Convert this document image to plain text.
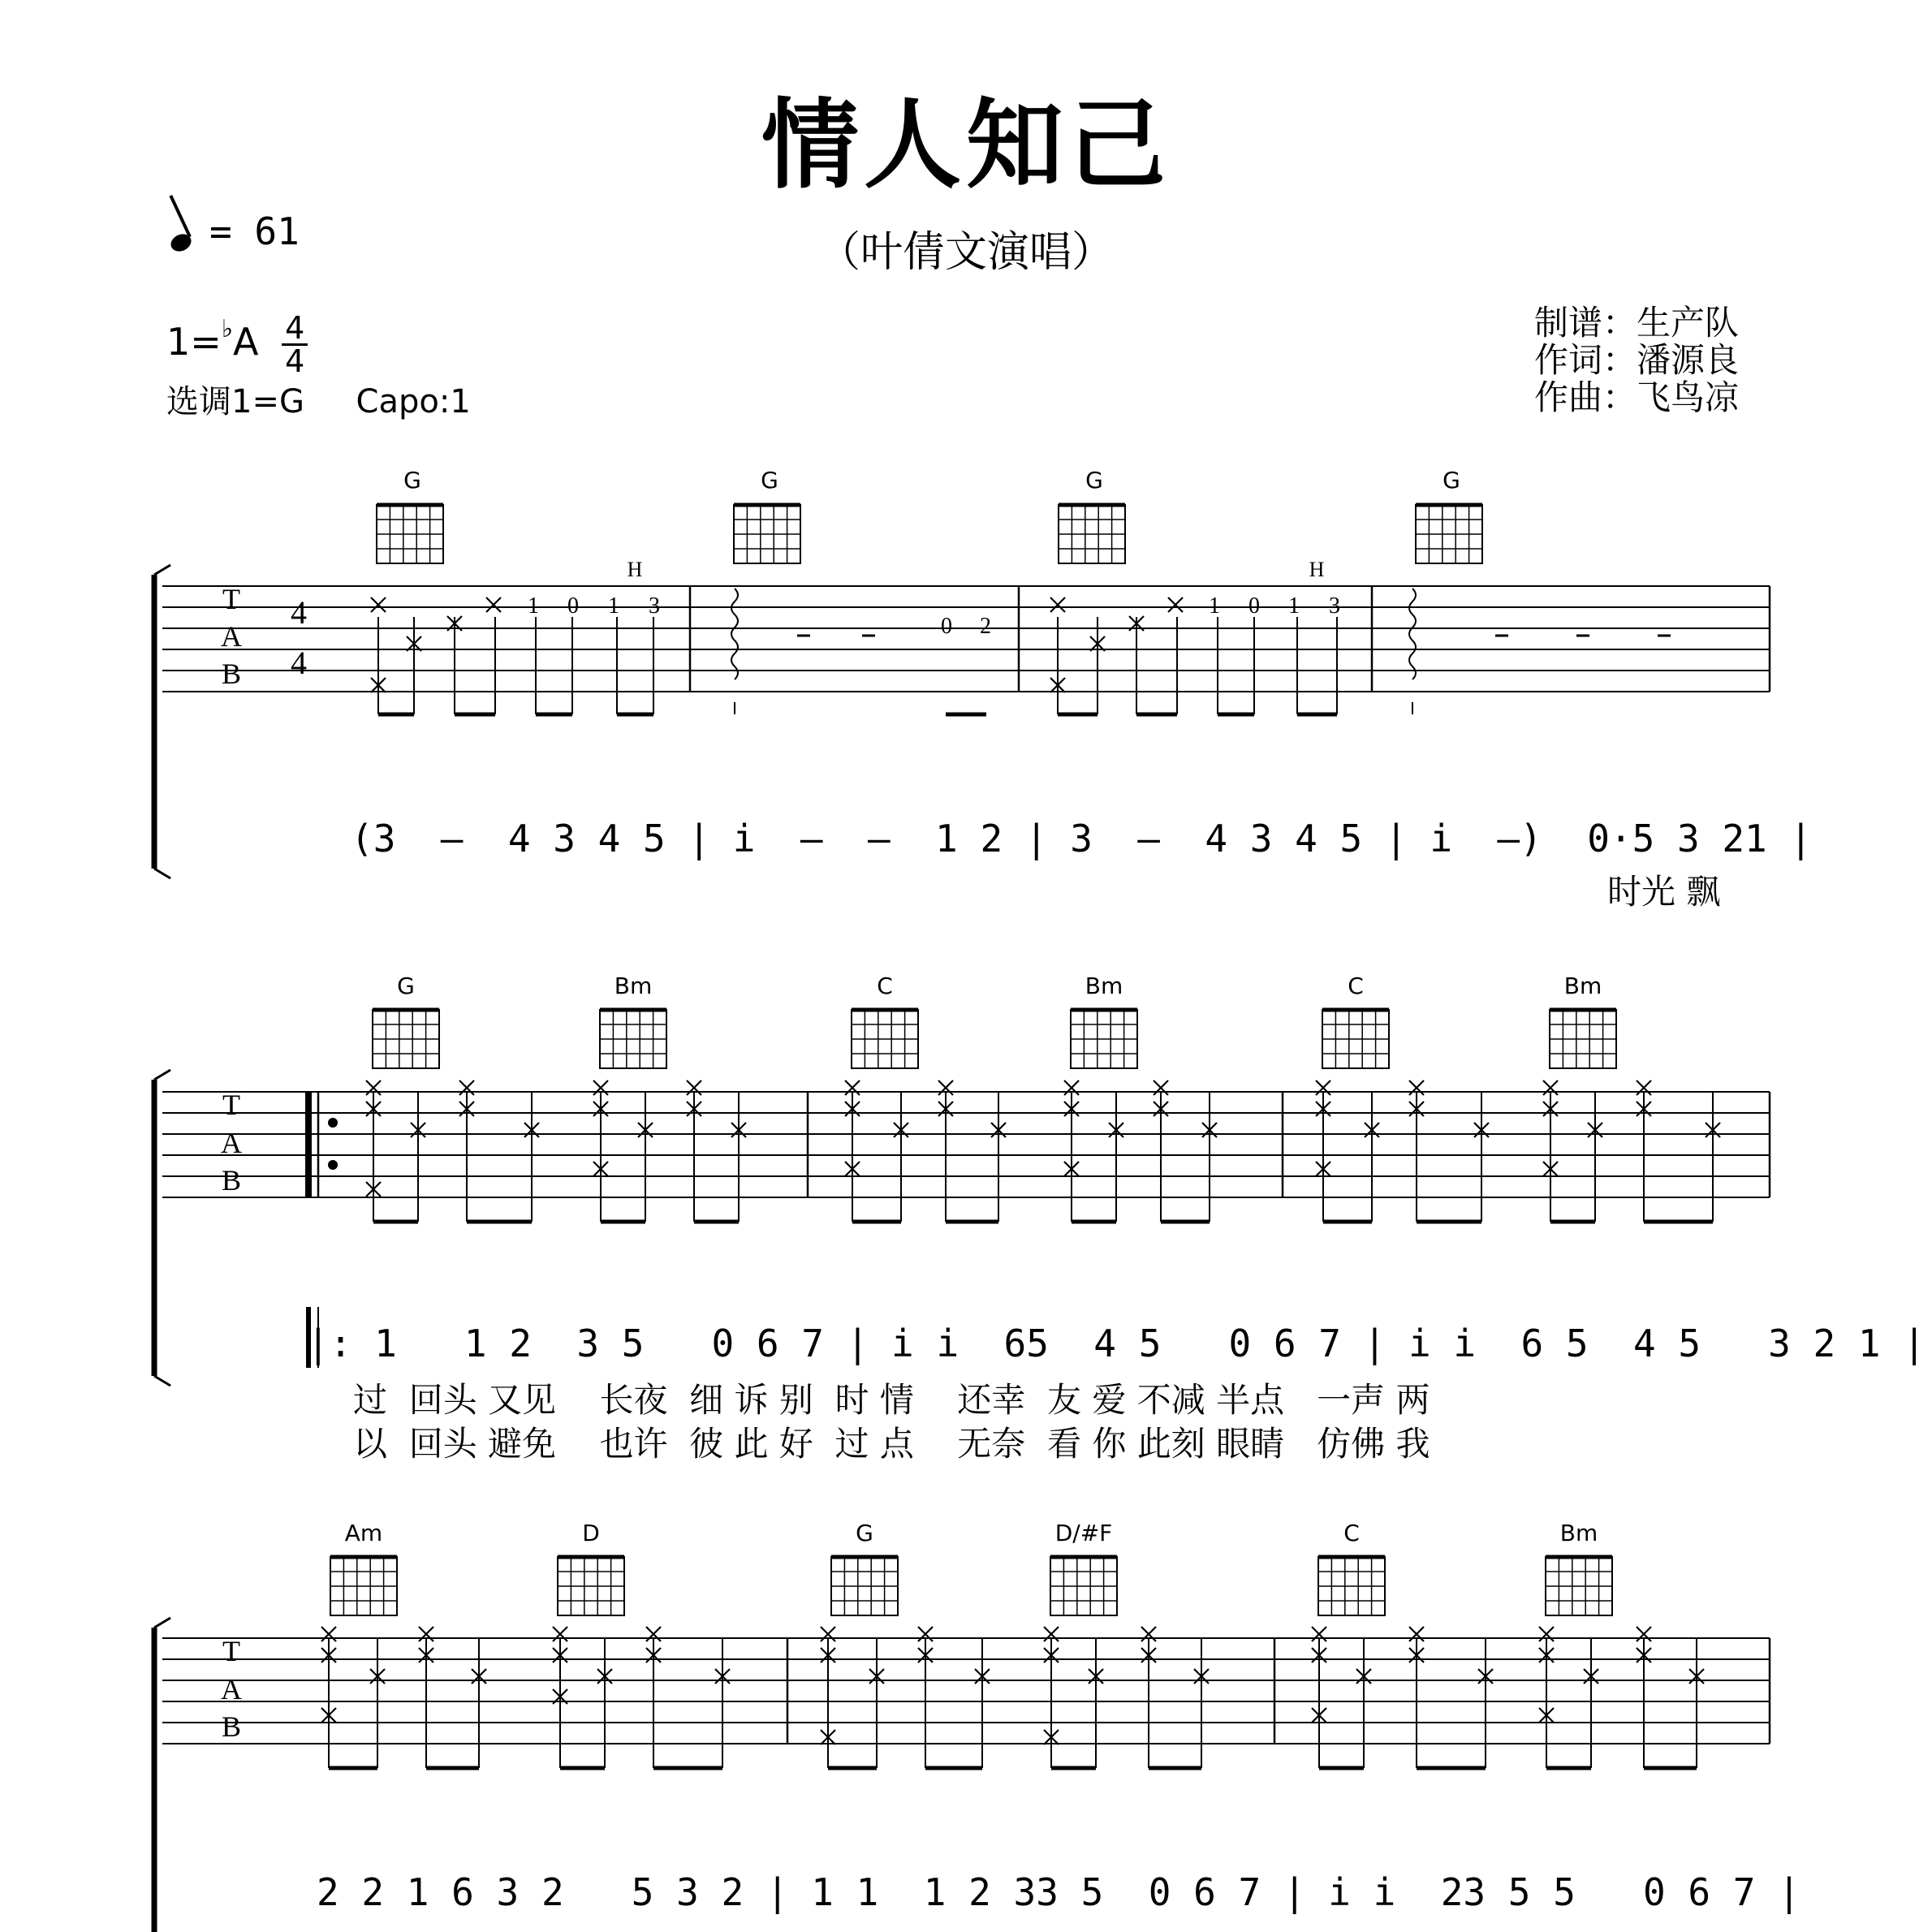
情人知己
（叶倩文演唱）
= 61
$1=^♭A \frac{4}{4}$
选调1=G     Capo:1
制谱：生产队
作词：潘源良
作曲：飞鸟凉
G	G	G	G
G	Bm	C	Bm	C	Bm
Am	D	G	D/#F	C	Bm
(3  –  4 3 4 5 | i  –  –  1 2 | 3  –  4 3 4 5 | i  –)  0·5 3 21 |
时光 飘
|: 1   1 2  3 5   0 6 7 | i i  65  4 5   0 6 7 | i i  6 5  4 5   3 2 1 |
过  回头 又见    长夜  细 诉 别  时 情    还幸  友 爱 不减 半点   一声 两
以  回头 避免    也许  彼 此 好  过 点    无奈  看 你 此刻 眼睛   仿佛 我
2 2 1 6 3 2   5 3 2 | 1 1  1 2 33 5  0 6 7 | i i  23 5 5   0 6 7 |
T
A
B
4
4
1 0 1 3
0 2
1 0 1 3
H	H
T
A
B
T
A
B
